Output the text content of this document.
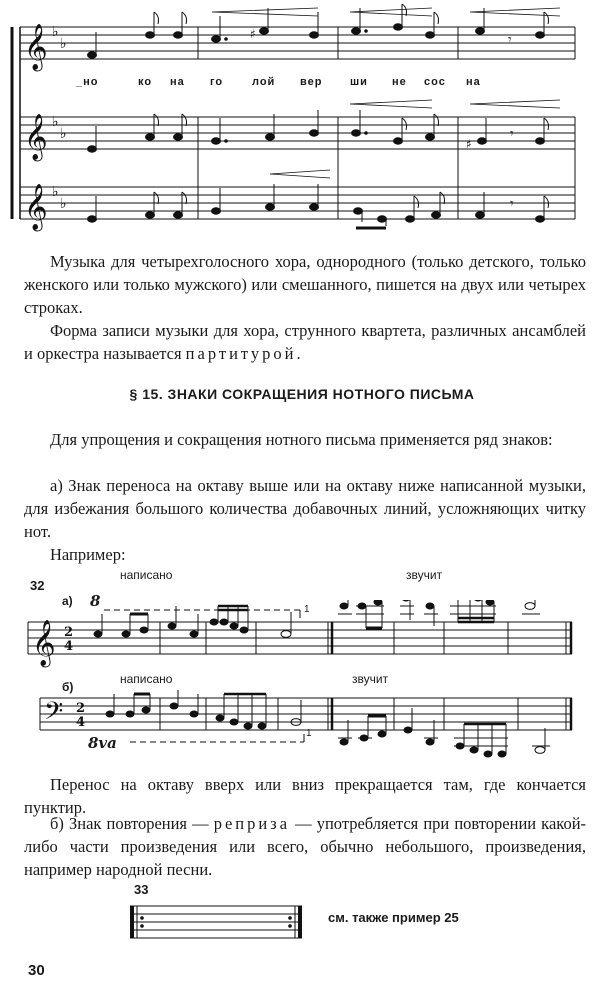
𝄞
𝄞
𝄞
♭
♭
♭
♭
♭
♭
♯	𝄾
♯
𝄾
𝄾
_но	ко на го	лой вер	ши не сос на
Музыка для четырехголосного хора, однородного (только детского, только женского или только мужского) или смешанного, пишется на двух или четырех строках.
Форма записи музыки для хора, струнного квартета, различных ансамблей и оркестра называется партитурой.
§ 15. ЗНАКИ СОКРАЩЕНИЯ НОТНОГО ПИСЬМА
Для упрощения и сокращения нотного письма применяется ряд знаков:
а) Знак переноса на октаву выше или на октаву ниже написанной музыки, для избежания большого количества добавочных линий, усложняющих читку нот.
Например:
32
написано	звучит
а) 8	1
𝄞 2
4
написано	звучит
б)
𝄢 2
4
8va
1
Перенос на октаву вверх или вниз прекращается там, где кончается пунктир.
б) Знак повторения — реприза — употребляется при повторении какой-либо части произведения или всего, обычно небольшого, произведения, например народной песни.
33
см. также пример 25
30
